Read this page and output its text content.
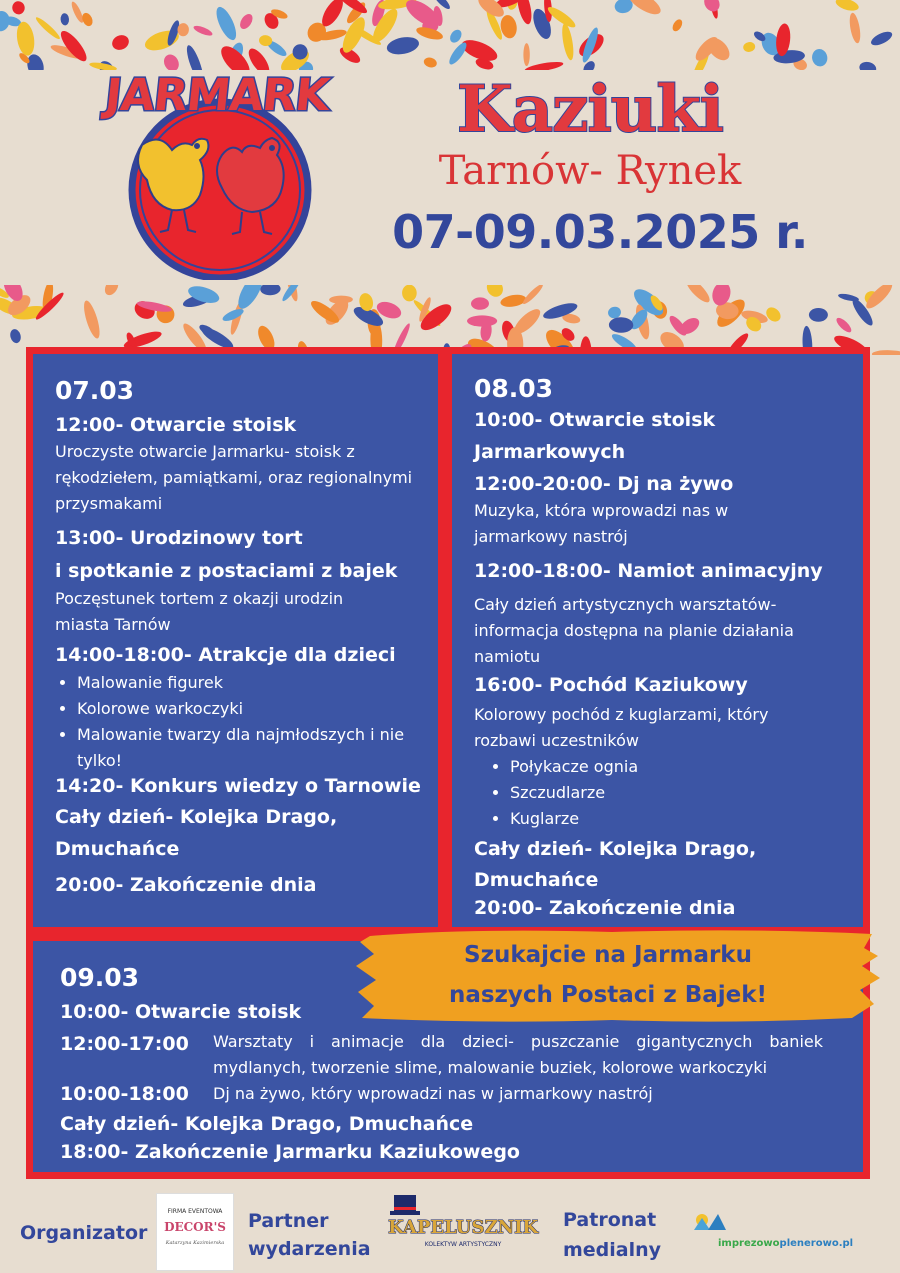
JARMARK	Kaziuki
Tarnów- Rynek
07-09.03.2025 r.
07.03
12:00- Otwarcie stoisk
Uroczyste otwarcie Jarmarku- stoisk z rękodziełem, pamiątkami, oraz regionalnymi przysmakami
13:00- Urodzinowy tort
i spotkanie z postaciami z bajek
Poczęstunek tortem z okazji urodzin miasta Tarnów
14:00-18:00- Atrakcje dla dzieci
• Malowanie figurek
• Kolorowe warkoczyki
• Malowanie twarzy dla najmłodszych i nie tylko!
14:20- Konkurs wiedzy o Tarnowie
Cały dzień- Kolejka Drago,
Dmuchańce
20:00- Zakończenie dnia
08.03
10:00- Otwarcie stoisk
Jarmarkowych
12:00-20:00- Dj na żywo
Muzyka, która wprowadzi nas w jarmarkowy nastrój
12:00-18:00- Namiot animacyjny
Cały dzień artystycznych warsztatów- informacja dostępna na planie działania namiotu
16:00- Pochód Kaziukowy
Kolorowy pochód z kuglarzami, który rozbawi uczestników
• Połykacze ognia
• Szczudlarze
• Kuglarze
Cały dzień- Kolejka Drago,
Dmuchańce
20:00- Zakończenie dnia
09.03
10:00- Otwarcie stoisk
12:00-17:00 Warsztaty i animacje dla dzieci- puszczanie gigantycznych baniek mydlanych, tworzenie slime, malowanie buziek, kolorowe warkoczyki
10:00-18:00 Dj na żywo, który wprowadzi nas w jarmarkowy nastrój
Cały dzień- Kolejka Drago, Dmuchańce
18:00- Zakończenie Jarmarku Kaziukowego
Szukajcie na Jarmarku
naszych Postaci z Bajek!
Organizator
FIRMA EVENTOWA
DECOR'S
Katarzyna Kazimierska
Partner
wydarzenia
KAPELUSZNIK
KOLEKTYW ARTYSTYCZNY
Patronat
medialny	imprezowoplenerowo.pl
